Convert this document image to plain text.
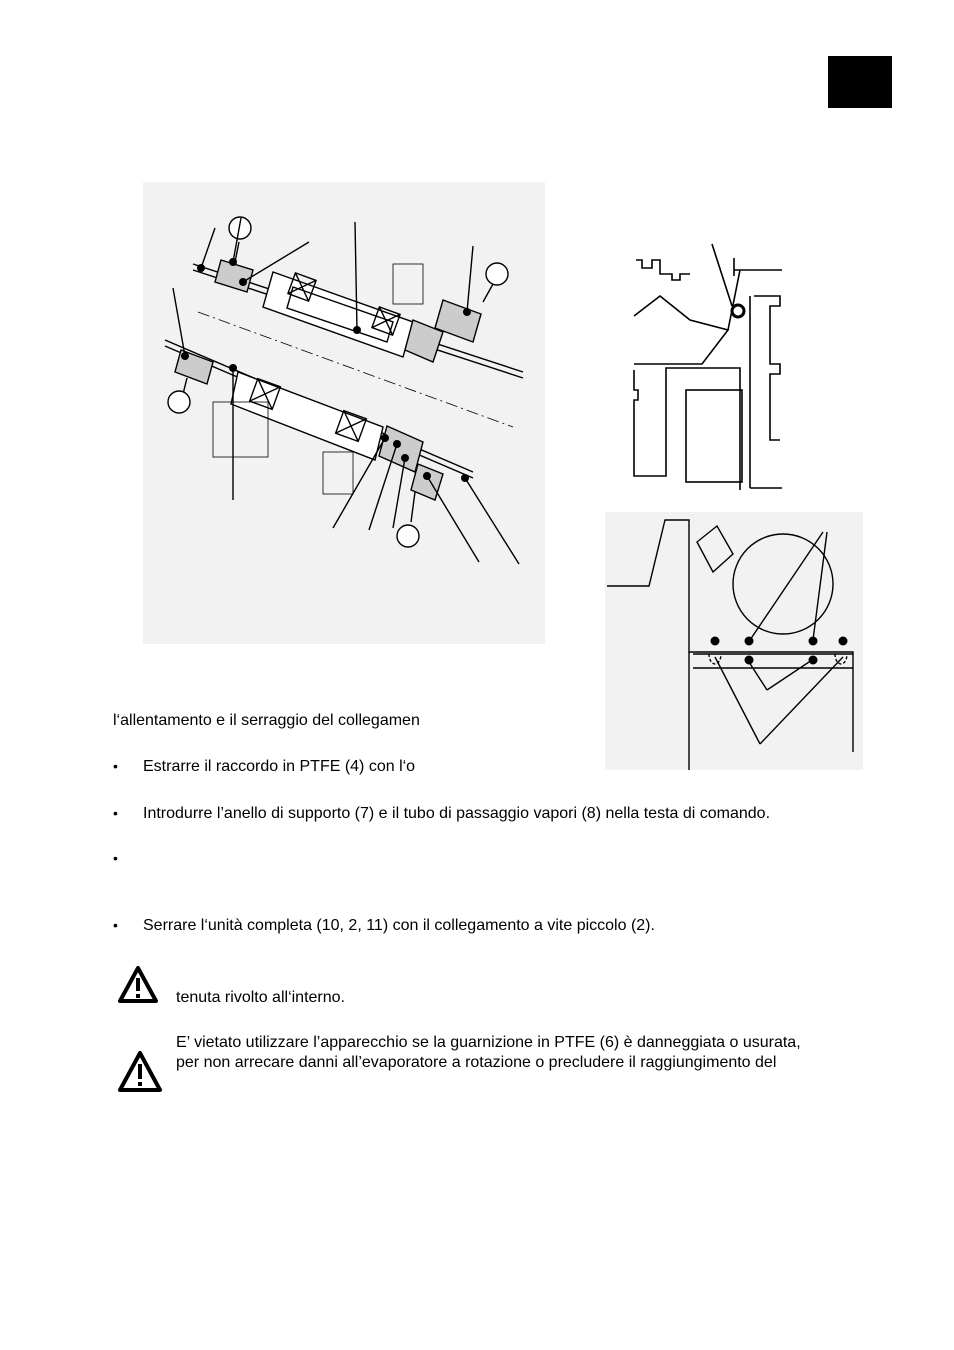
l‘allentamento e il serraggio del collegamen
• Estrarre il raccordo in PTFE (4) con l‘o
• Introdurre l’anello di supporto (7) e il tubo di passaggio vapori (8) nella testa di comando.
•
• Serrare l‘unità completa (10, 2, 11) con il collegamento a vite piccolo (2).
tenuta rivolto all‘interno.
E’ vietato utilizzare l’apparecchio se la guarnizione in PTFE (6) è danneggiata o usurata,
per non arrecare danni all’evaporatore a rotazione o precludere il raggiungimento del
